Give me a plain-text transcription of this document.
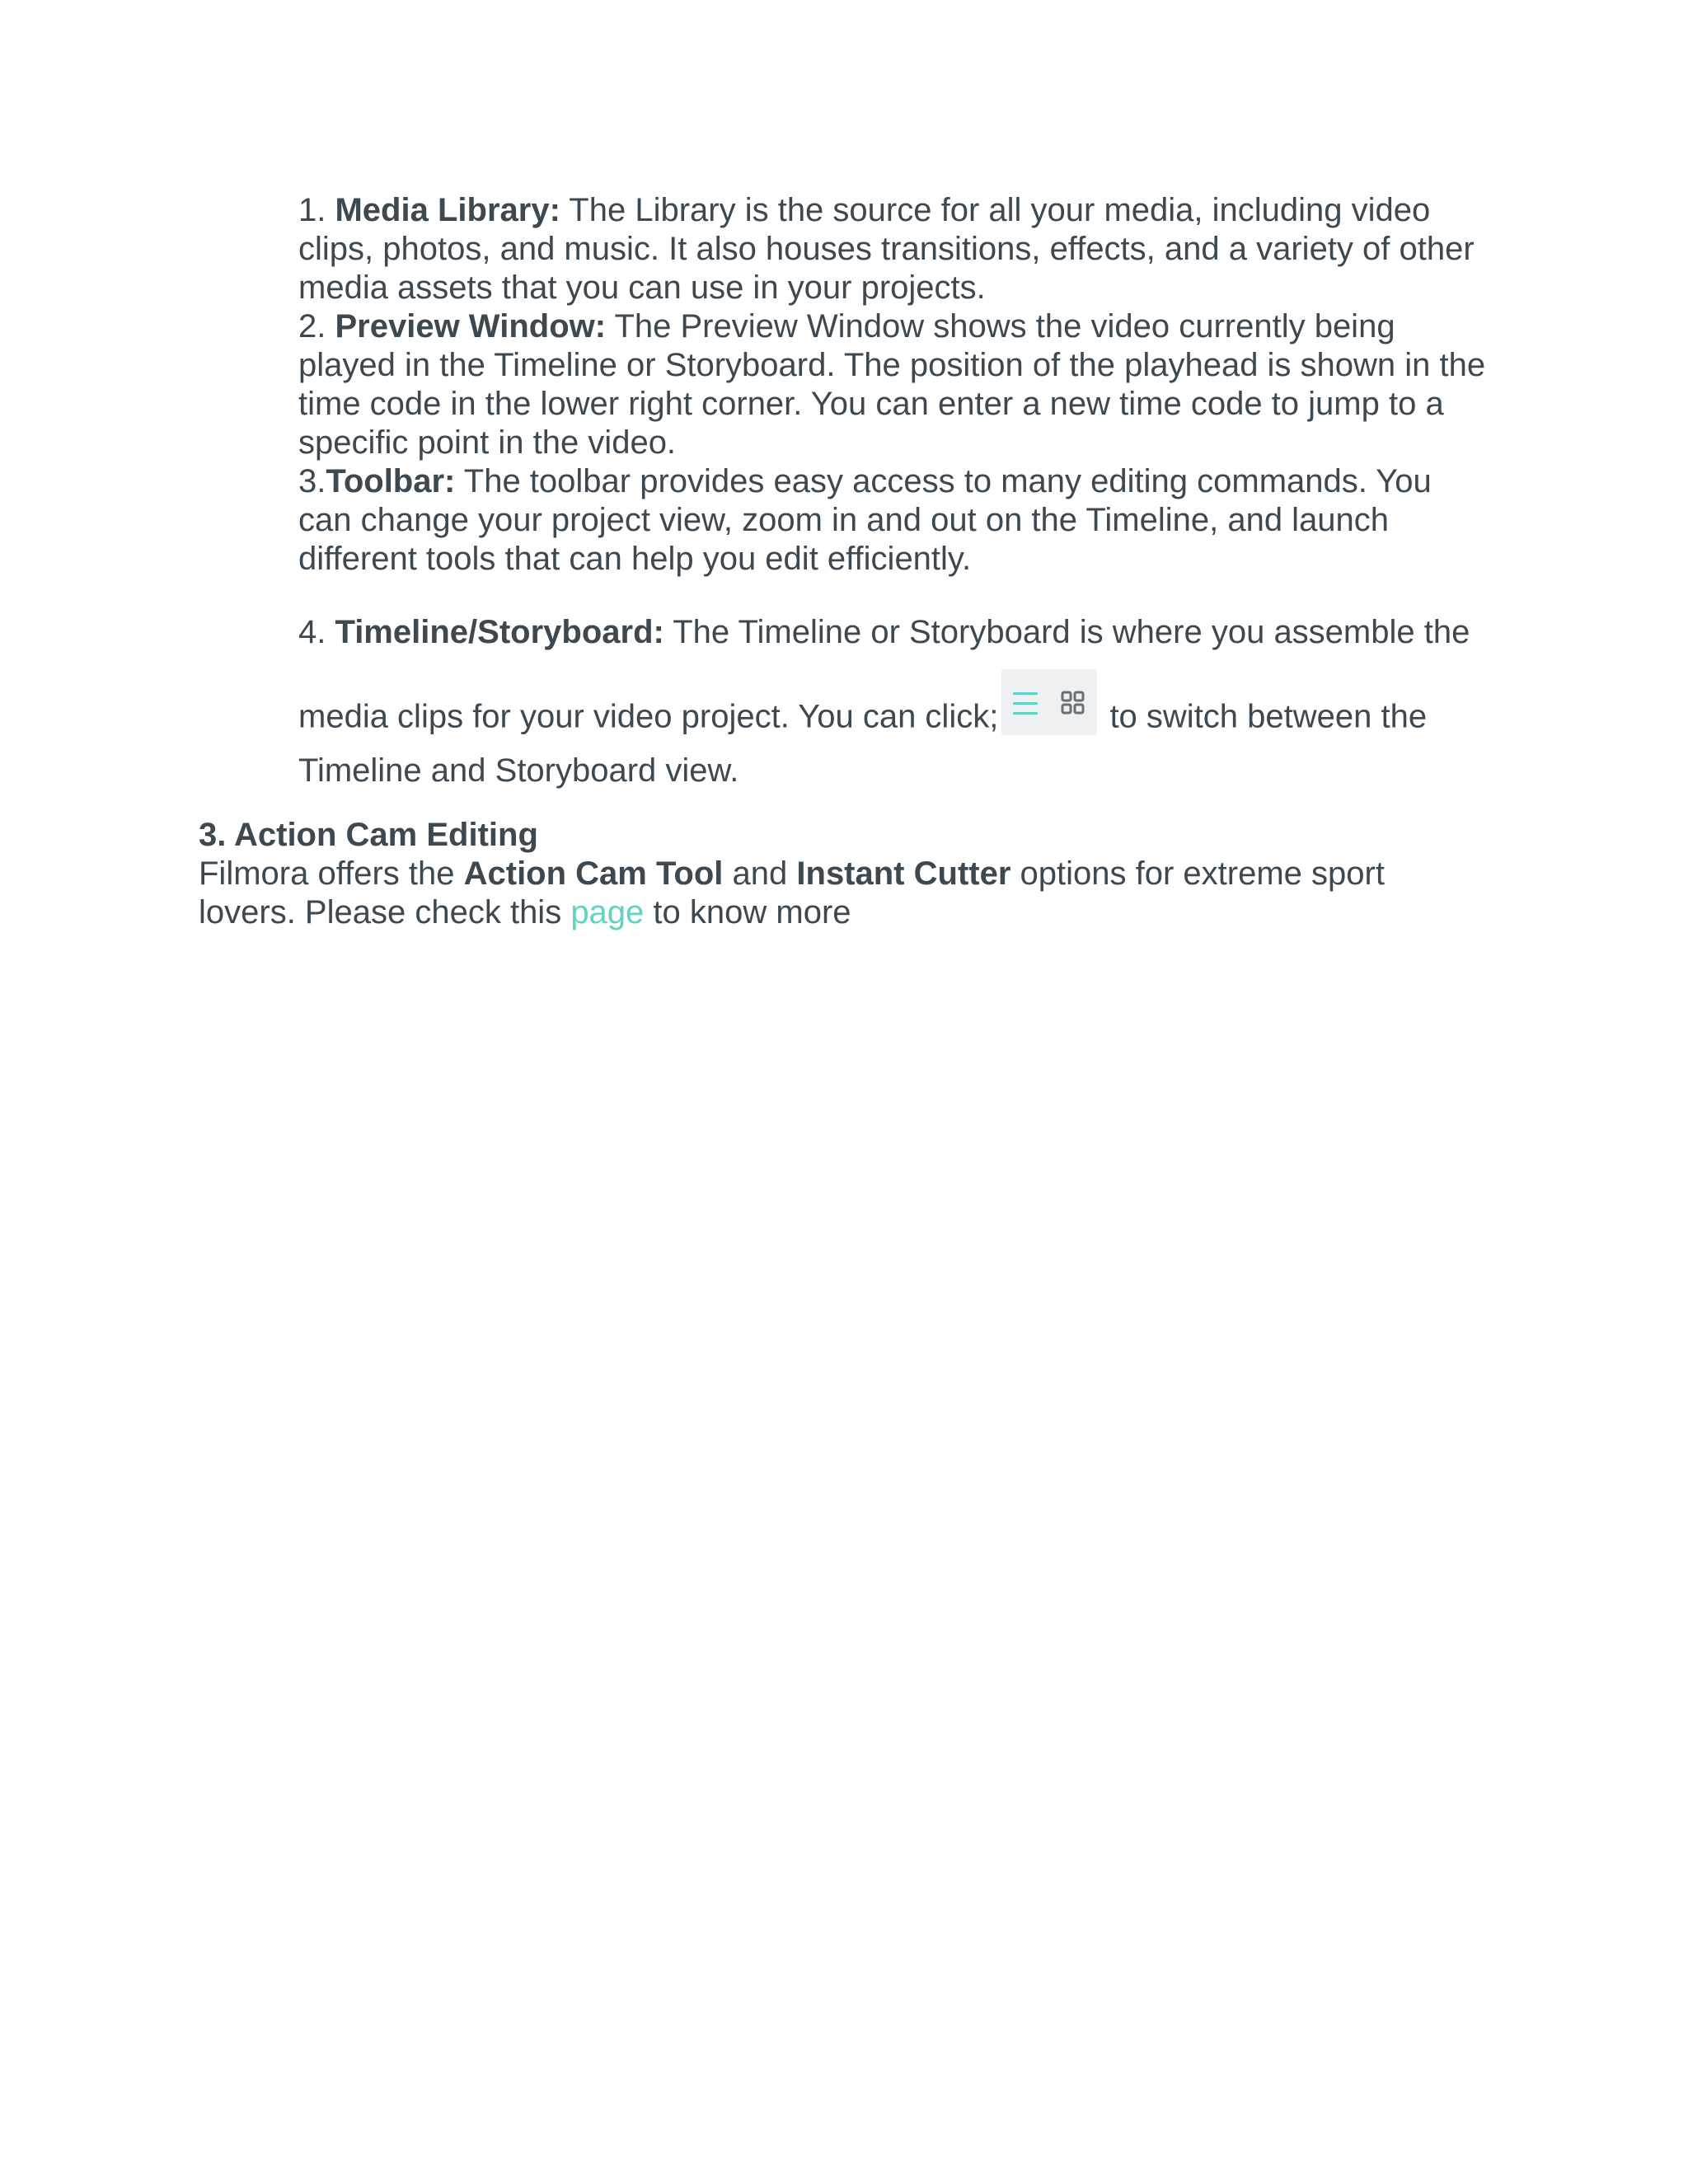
1. Media Library: The Library is the source for all your media, including video clips, photos, and music. It also houses transitions, effects, and a variety of other media assets that you can use in your projects.

2. Preview Window: The Preview Window shows the video currently being played in the Timeline or Storyboard. The position of the playhead is shown in the time code in the lower right corner. You can enter a new time code to jump to a specific point in the video.

3.Toolbar: The toolbar provides easy access to many editing commands. You can change your project view, zoom in and out on the Timeline, and launch different tools that can help you edit efficiently.

4. Timeline/Storyboard: The Timeline or Storyboard is where you assemble the
media clips for your video project. You can click;	to switch between the Timeline and Storyboard view.
3. Action Cam Editing

Filmora offers the Action Cam Tool and Instant Cutter options for extreme sport lovers. Please check this page to know more
